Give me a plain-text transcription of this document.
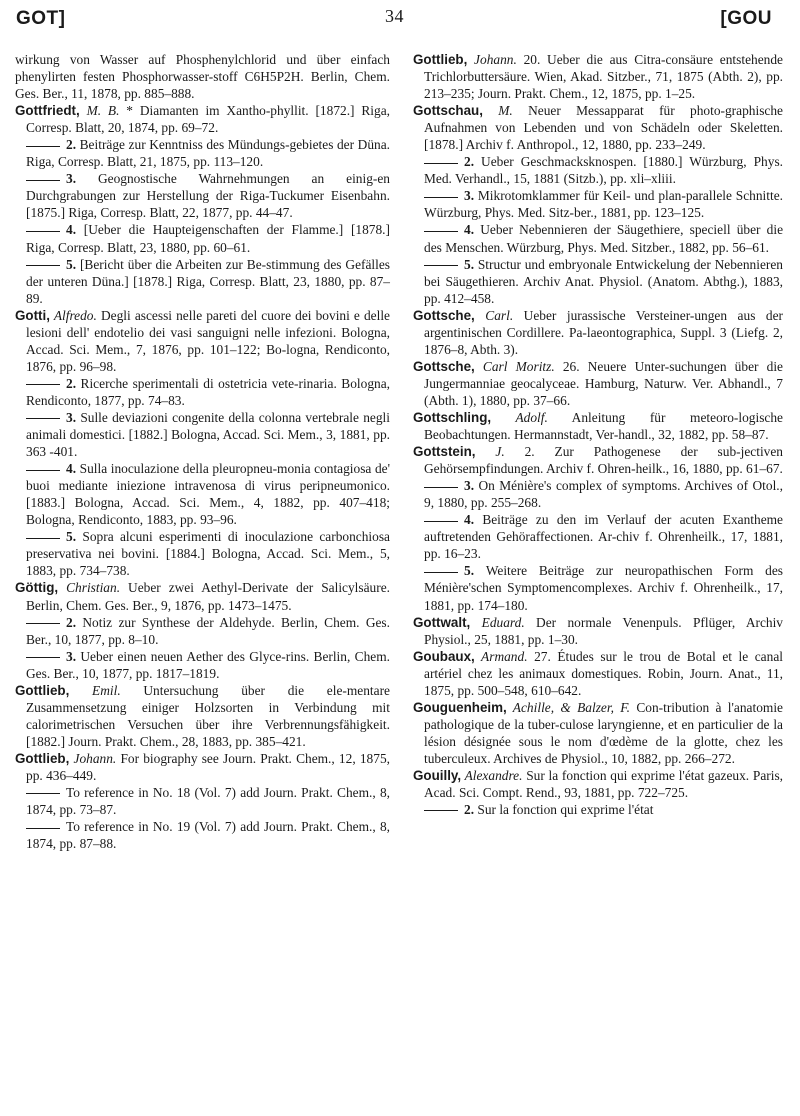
GOT]	34	[GOU

wirkung von Wasser auf Phosphenylchlorid und über einfach phenylirten festen Phosphorwasser-stoff C6H5P2H. Berlin, Chem. Ges. Ber., 11, 1878, pp. 885–888.

Gottfriedt, M. B. * Diamanten im Xantho-phyllit. [1872.] Riga, Corresp. Blatt, 20, 1874, pp. 69–72.

2. Beiträge zur Kenntniss des Mündungs-gebietes der Düna. Riga, Corresp. Blatt, 21, 1875, pp. 113–120.

3. Geognostische Wahrnehmungen an einig-en Durchgrabungen zur Herstellung der Riga-Tuckumer Eisenbahn. [1875.] Riga, Corresp. Blatt, 22, 1877, pp. 44–47.

4. [Ueber die Haupteigenschaften der Flamme.] [1878.] Riga, Corresp. Blatt, 23, 1880, pp. 60–61.

5. [Bericht über die Arbeiten zur Be-stimmung des Gefälles der unteren Düna.] [1878.] Riga, Corresp. Blatt, 23, 1880, pp. 87–89.

Gotti, Alfredo. Degli ascessi nelle pareti del cuore dei bovini e delle lesioni dell' endotelio dei vasi sanguigni nelle infezioni. Bologna, Accad. Sci. Mem., 7, 1876, pp. 101–122; Bo-logna, Rendiconto, 1876, pp. 96–98.

2. Ricerche sperimentali di ostetricia vete-rinaria. Bologna, Rendiconto, 1877, pp. 74–83.

3. Sulle deviazioni congenite della colonna vertebrale negli animali domestici. [1882.] Bologna, Accad. Sci. Mem., 3, 1881, pp. 363 -401.

4. Sulla inoculazione della pleuropneu-monia contagiosa de' buoi mediante iniezione intravenosa di virus peripneumonico. [1883.] Bologna, Accad. Sci. Mem., 4, 1882, pp. 407–418; Bologna, Rendiconto, 1883, pp. 93–96.

5. Sopra alcuni esperimenti di inoculazione carbonchiosa preservativa nei bovini. [1884.] Bologna, Accad. Sci. Mem., 5, 1883, pp. 734–738.

Göttig, Christian. Ueber zwei Aethyl-Derivate der Salicylsäure. Berlin, Chem. Ges. Ber., 9, 1876, pp. 1473–1475.

2. Notiz zur Synthese der Aldehyde. Berlin, Chem. Ges. Ber., 10, 1877, pp. 8–10.

3. Ueber einen neuen Aether des Glyce-rins. Berlin, Chem. Ges. Ber., 10, 1877, pp. 1817–1819.

Gottlieb, Emil. Untersuchung über die ele-mentare Zusammensetzung einiger Holzsorten in Verbindung mit calorimetrischen Versuchen über ihre Verbrennungsfähigkeit. [1882.] Journ. Prakt. Chem., 28, 1883, pp. 385–421.

Gottlieb, Johann. For biography see Journ. Prakt. Chem., 12, 1875, pp. 436–449.

To reference in No. 18 (Vol. 7) add Journ. Prakt. Chem., 8, 1874, pp. 73–87.

To reference in No. 19 (Vol. 7) add Journ. Prakt. Chem., 8, 1874, pp. 87–88.

Gottlieb, Johann. 20. Ueber die aus Citra-consäure entstehende Trichlorbuttersäure. Wien, Akad. Sitzber., 71, 1875 (Abth. 2), pp. 213–235; Journ. Prakt. Chem., 12, 1875, pp. 1–25.

Gottschau, M. Neuer Messapparat für photo-graphische Aufnahmen von Lebenden und von Schädeln oder Skeletten. [1878.] Archiv f. Anthropol., 12, 1880, pp. 233–249.

2. Ueber Geschmacksknospen. [1880.] Würzburg, Phys. Med. Verhandl., 15, 1881 (Sitzb.), pp. xli–xliii.

3. Mikrotomklammer für Keil- und plan-parallele Schnitte. Würzburg, Phys. Med. Sitz-ber., 1881, pp. 123–125.

4. Ueber Nebennieren der Säugethiere, speciell über die des Menschen. Würzburg, Phys. Med. Sitzber., 1882, pp. 56–61.

5. Structur und embryonale Entwickelung der Nebennieren bei Säugethieren. Archiv Anat. Physiol. (Anatom. Abthg.), 1883, pp. 412–458.

Gottsche, Carl. Ueber jurassische Versteiner-ungen aus der argentinischen Cordillere. Pa-laeontographica, Suppl. 3 (Liefg. 2, 1876–8, Abth. 3).

Gottsche, Carl Moritz. 26. Neuere Unter-suchungen über die Jungermanniae geocalyceae. Hamburg, Naturw. Ver. Abhandl., 7 (Abth. 1), 1880, pp. 37–66.

Gottschling, Adolf. Anleitung für meteoro-logische Beobachtungen. Hermannstadt, Ver-handl., 32, 1882, pp. 58–87.

Gottstein, J. 2. Zur Pathogenese der sub-jectiven Gehörsempfindungen. Archiv f. Ohren-heilk., 16, 1880, pp. 61–67.

3. On Ménière's complex of symptoms. Archives of Otol., 9, 1880, pp. 255–268.

4. Beiträge zu den im Verlauf der acuten Exantheme auftretenden Gehöraffectionen. Ar-chiv f. Ohrenheilk., 17, 1881, pp. 16–23.

5. Weitere Beiträge zur neuropathischen Form des Ménière'schen Symptomencomplexes. Archiv f. Ohrenheilk., 17, 1881, pp. 174–180.

Gottwalt, Eduard. Der normale Venenpuls. Pflüger, Archiv Physiol., 25, 1881, pp. 1–30.

Goubaux, Armand. 27. Études sur le trou de Botal et le canal artériel chez les animaux domestiques. Robin, Journ. Anat., 11, 1875, pp. 500–548, 610–642.

Gouguenheim, Achille, & Balzer, F. Con-tribution à l'anatomie pathologique de la tuber-culose laryngienne, et en particulier de la lésion désignée sous le nom d'œdème de la glotte, chez les tuberculeux. Archives de Physiol., 10, 1882, pp. 266–272.

Gouilly, Alexandre. Sur la fonction qui exprime l'état gazeux. Paris, Acad. Sci. Compt. Rend., 93, 1881, pp. 722–725.

2. Sur la fonction qui exprime l'état
